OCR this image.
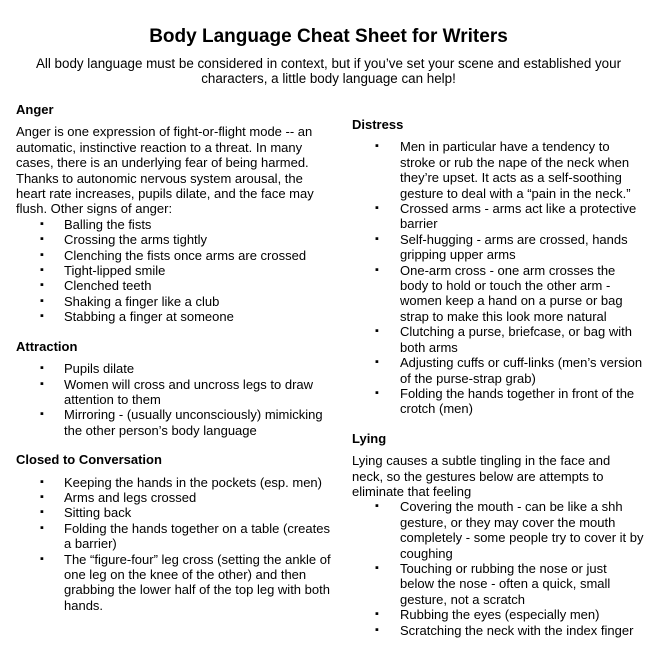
Body Language Cheat Sheet for Writers
All body language must be considered in context, but if you’ve set your scene and established your characters, a little body language can help!

Anger

Anger is one expression of fight-or-flight mode -- an automatic, instinctive reaction to a threat. In many cases, there is an underlying fear of being harmed. Thanks to autonomic nervous system arousal, the heart rate increases, pupils dilate, and the face may flush. Other signs of anger:

▪ Balling the fists
▪ Crossing the arms tightly
▪ Clenching the fists once arms are crossed
▪ Tight-lipped smile
▪ Clenched teeth
▪ Shaking a finger like a club
▪ Stabbing a finger at someone

Attraction

▪ Pupils dilate
▪ Women will cross and uncross legs to draw attention to them
▪ Mirroring - (usually unconsciously) mimicking the other person’s body language

Closed to Conversation

▪ Keeping the hands in the pockets (esp. men)
▪ Arms and legs crossed
▪ Sitting back
▪ Folding the hands together on a table (creates a barrier)
▪ The “figure-four” leg cross (setting the ankle of one leg on the knee of the other) and then grabbing the lower half of the top leg with both hands.

Distress

▪ Men in particular have a tendency to stroke or rub the nape of the neck when they’re upset. It acts as a self-soothing gesture to deal with a “pain in the neck.”
▪ Crossed arms - arms act like a protective barrier
▪ Self-hugging - arms are crossed, hands gripping upper arms
▪ One-arm cross - one arm crosses the body to hold or touch the other arm - women keep a hand on a purse or bag strap to make this look more natural
▪ Clutching a purse, briefcase, or bag with both arms
▪ Adjusting cuffs or cuff-links (men’s version of the purse-strap grab)
▪ Folding the hands together in front of the crotch (men)

Lying

Lying causes a subtle tingling in the face and neck, so the gestures below are attempts to eliminate that feeling

▪ Covering the mouth - can be like a shh gesture, or they may cover the mouth completely - some people try to cover it by coughing
▪ Touching or rubbing the nose or just below the nose - often a quick, small gesture, not a scratch
▪ Rubbing the eyes (especially men)
▪ Scratching the neck with the index finger
